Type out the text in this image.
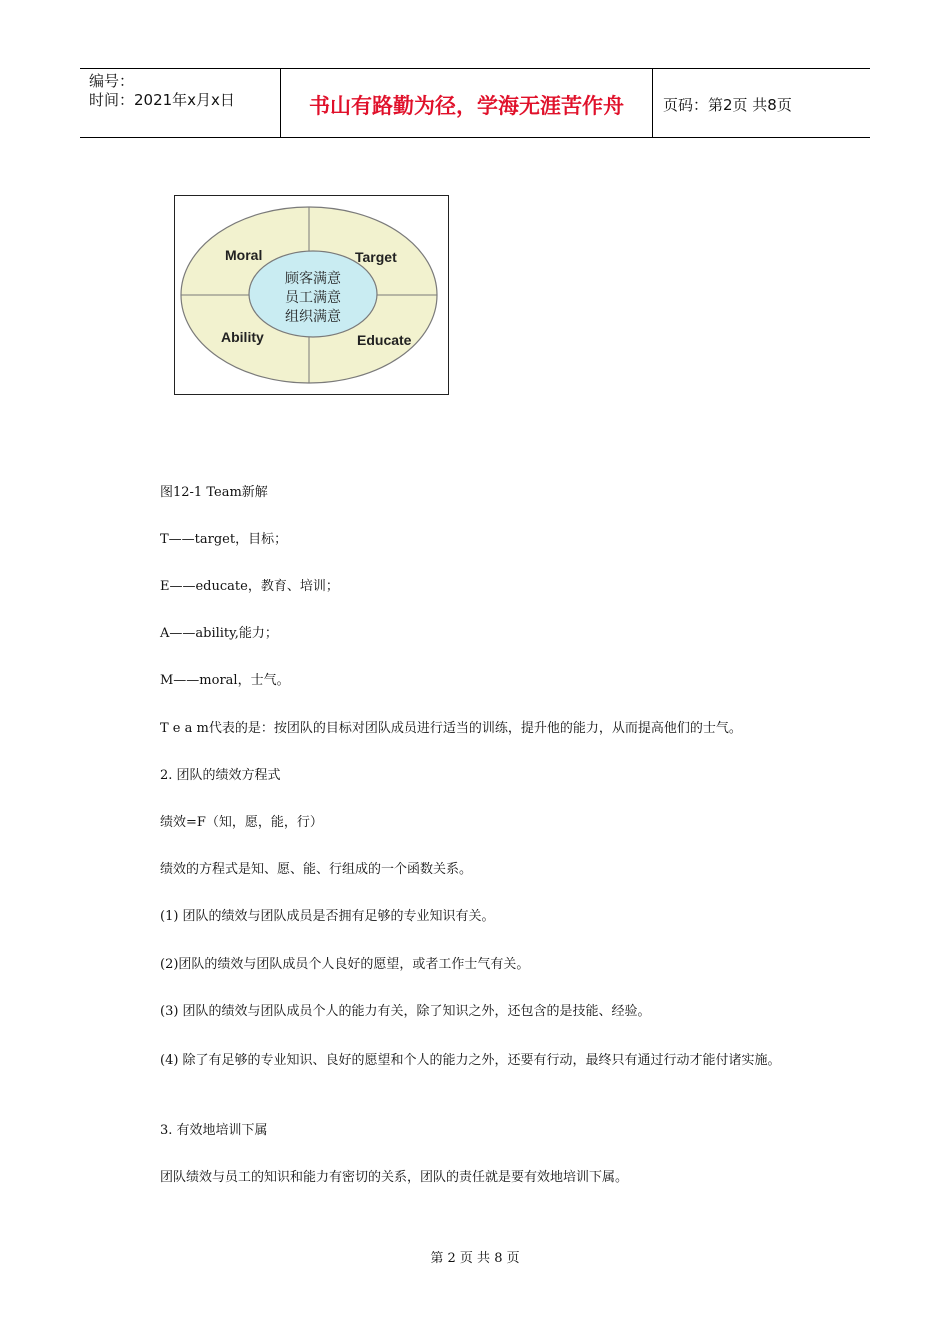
编号：
时间：2021年x月x日	书山有路勤为径，学海无涯苦作舟	页码：第2页 共8页
Moral	Target
Ability	Educate
顾客满意
员工满意
组织满意
图12-1 Team新解
T——target，目标；
E——educate，教育、培训；
A——ability,能力；
M——moral，士气。
T e a m代表的是：按团队的目标对团队成员进行适当的训练，提升他的能力，从而提高他们的士气。
2. 团队的绩效方程式
绩效=F（知，愿，能，行）
绩效的方程式是知、愿、能、行组成的一个函数关系。
(1) 团队的绩效与团队成员是否拥有足够的专业知识有关。
(2)团队的绩效与团队成员个人良好的愿望，或者工作士气有关。
(3) 团队的绩效与团队成员个人的能力有关，除了知识之外，还包含的是技能、经验。
(4) 除了有足够的专业知识、良好的愿望和个人的能力之外，还要有行动，最终只有通过行动才能付诸实施。
3. 有效地培训下属
团队绩效与员工的知识和能力有密切的关系，团队的责任就是要有效地培训下属。
第 2 页 共 8 页
